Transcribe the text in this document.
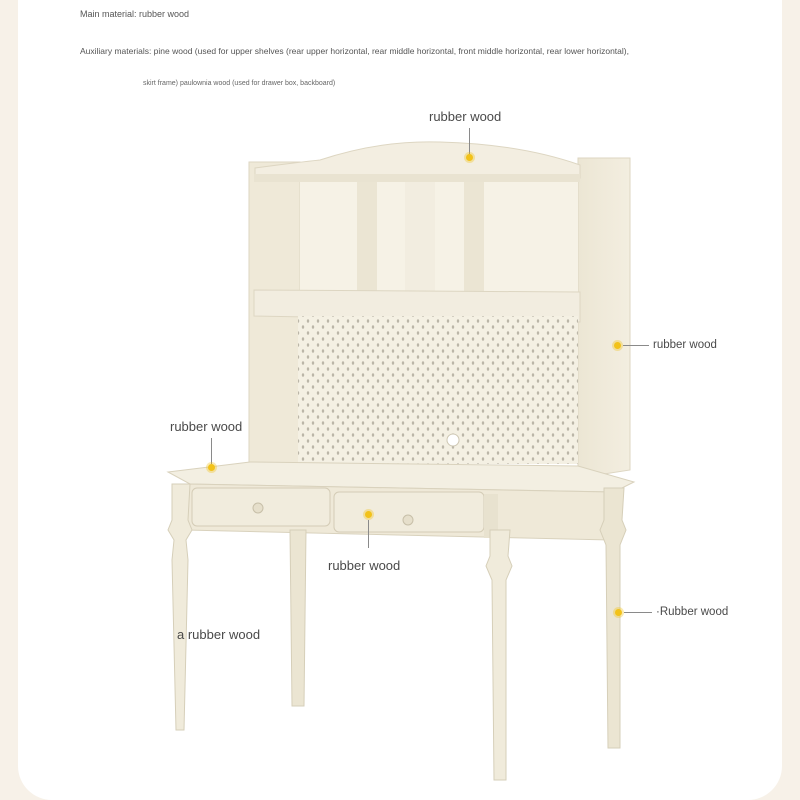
Main material: rubber wood
Auxiliary materials: pine wood (used for upper shelves (rear upper horizontal, rear middle horizontal, front middle horizontal, rear lower horizontal),
skirt frame) paulownia wood (used for drawer box, backboard)
rubber wood
rubber wood
rubber wood
rubber wood
a rubber wood
·Rubber wood
